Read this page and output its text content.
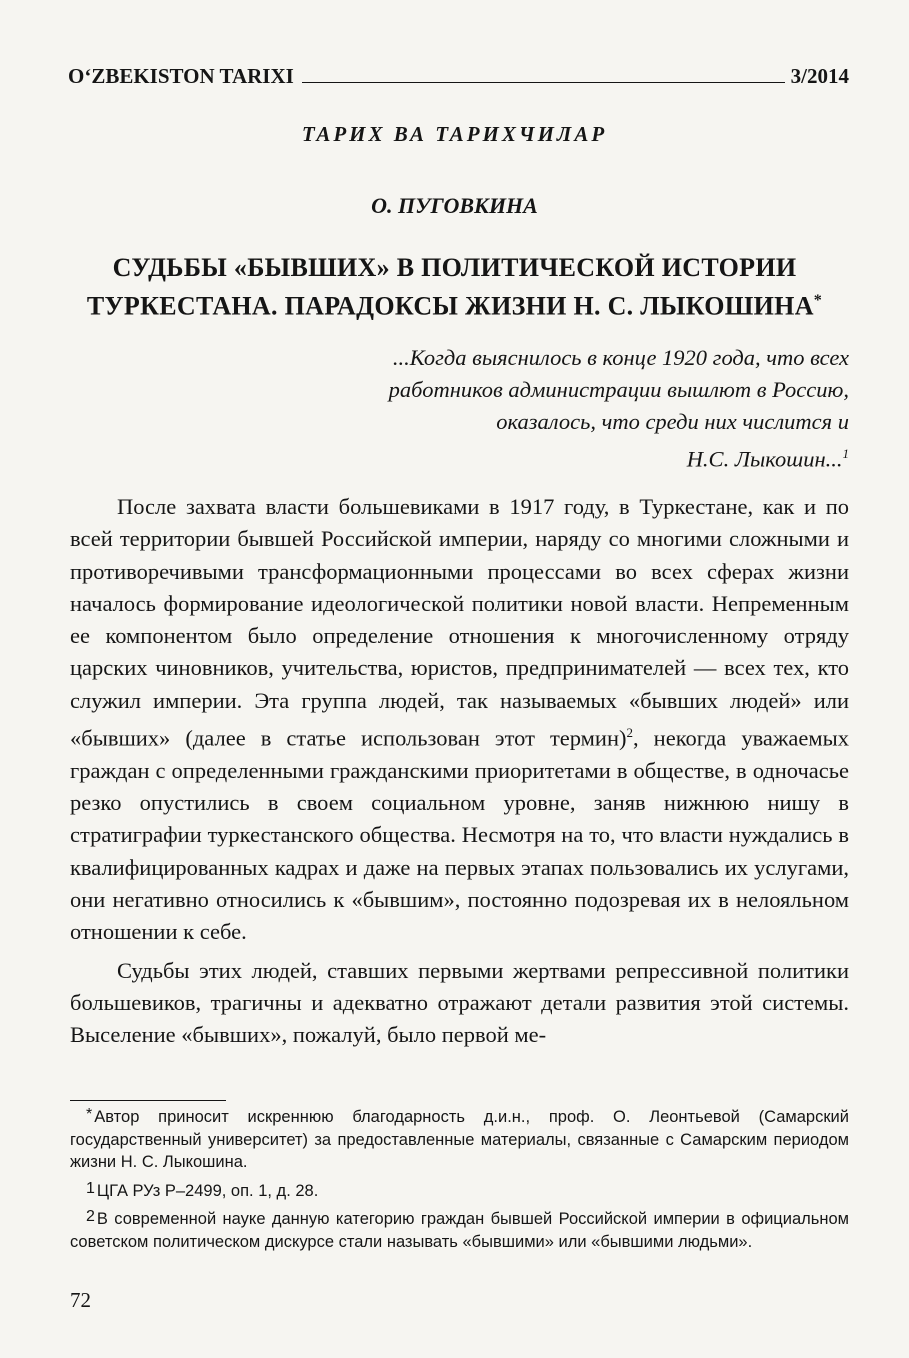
O‘ZBEKISTON TARIXI	3/2014
ТАРИХ ВА ТАРИХЧИЛАР
О. ПУГОВКИНА
СУДЬБЫ «БЫВШИХ» В ПОЛИТИЧЕСКОЙ ИСТОРИИ
ТУРКЕСТАНА. ПАРАДОКСЫ ЖИЗНИ Н. С. ЛЫКОШИНА*
...Когда выяснилось в конце 1920 года, что всех
работников администрации вышлют в Россию,
оказалось, что среди них числится и
Н.С. Лыкошин...$^1$

После захвата власти большевиками в 1917 году, в Туркестане, как и по всей территории бывшей Российской империи, наряду со многими сложными и противоречивыми трансформационными процессами во всех сферах жизни началось формирование идеологической политики новой власти. Непременным ее компонентом было определение отношения к многочисленному отряду царских чиновников, учительства, юристов, предпринимателей — всех тех, кто служил империи. Эта группа людей, так называемых «бывших людей» или «бывших» (далее в статье использован этот термин)$^2$, некогда уважаемых граждан с определенными гражданскими приоритетами в обществе, в одночасье резко опустились в своем социальном уровне, заняв нижнюю нишу в стратиграфии туркестанского общества. Несмотря на то, что власти нуждались в квалифицированных кадрах и даже на первых этапах пользовались их услугами, они негативно относились к «бывшим», постоянно подозревая их в нелояльном отношении к себе.

Судьбы этих людей, ставших первыми жертвами репрессивной политики большевиков, трагичны и адекватно отражают детали развития этой системы. Выселение «бывших», пожалуй, было первой ме-

* Автор приносит искреннюю благодарность д.и.н., проф. О. Леонтьевой (Самарский государственный университет) за предоставленные материалы, связанные с Самарским периодом жизни Н. С. Лыкошина.

1 ЦГА РУз Р–2499, оп. 1, д. 28.

2 В современной науке данную категорию граждан бывшей Российской империи в официальном советском политическом дискурсе стали называть «бывшими» или «бывшими людьми».

72
